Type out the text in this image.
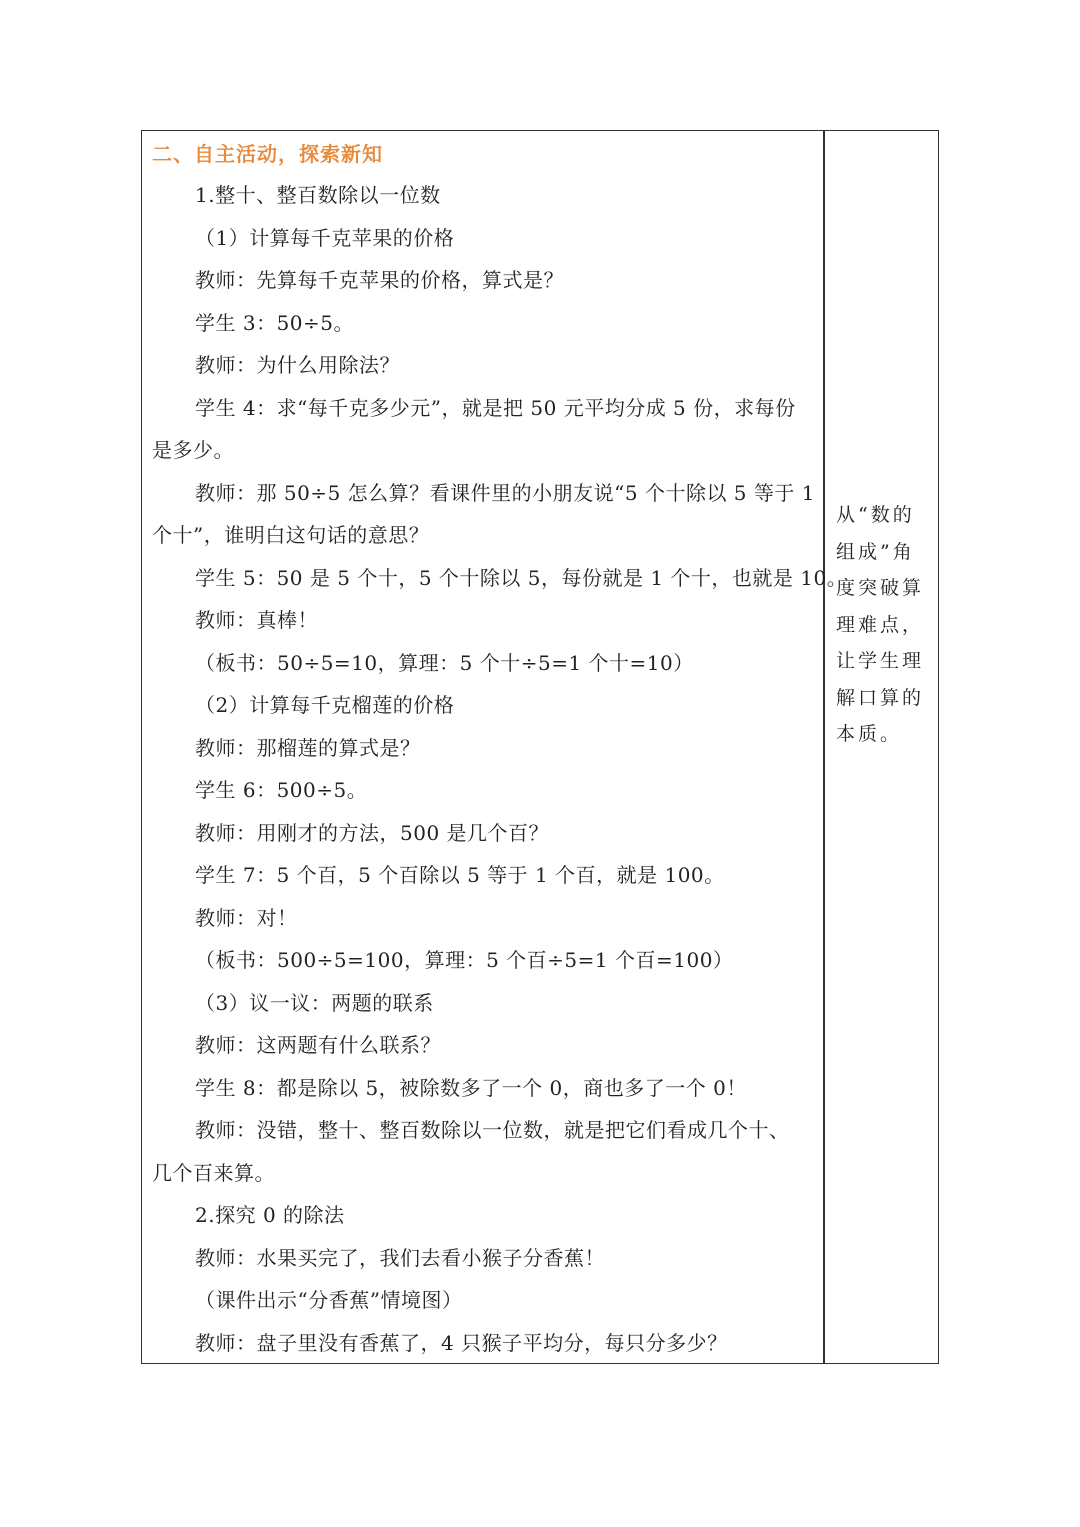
二、自主活动，探索新知
1.整十、整百数除以一位数
（1）计算每千克苹果的价格
教师：先算每千克苹果的价格，算式是？
学生 3：50÷5。
教师：为什么用除法？
学生 4：求“每千克多少元”，就是把 50 元平均分成 5 份，求每份
是多少。
教师：那 50÷5 怎么算？看课件里的小朋友说“5 个十除以 5 等于 1
个十”，谁明白这句话的意思？
学生 5：50 是 5 个十，5 个十除以 5，每份就是 1 个十，也就是 10。
教师：真棒！
（板书：50÷5=10，算理：5 个十÷5=1 个十=10）
（2）计算每千克榴莲的价格
教师：那榴莲的算式是？
学生 6：500÷5。
教师：用刚才的方法，500 是几个百？
学生 7：5 个百，5 个百除以 5 等于 1 个百，就是 100。
教师：对！
（板书：500÷5=100，算理：5 个百÷5=1 个百=100）
（3）议一议：两题的联系
教师：这两题有什么联系？
学生 8：都是除以 5，被除数多了一个 0，商也多了一个 0！
教师：没错，整十、整百数除以一位数，就是把它们看成几个十、
几个百来算。
2.探究 0 的除法
教师：水果买完了，我们去看小猴子分香蕉！
（课件出示“分香蕉”情境图）
教师：盘子里没有香蕉了，4 只猴子平均分，每只分多少？
从“数的组成”角度突破算理难点，让学生理解口算的本质。
